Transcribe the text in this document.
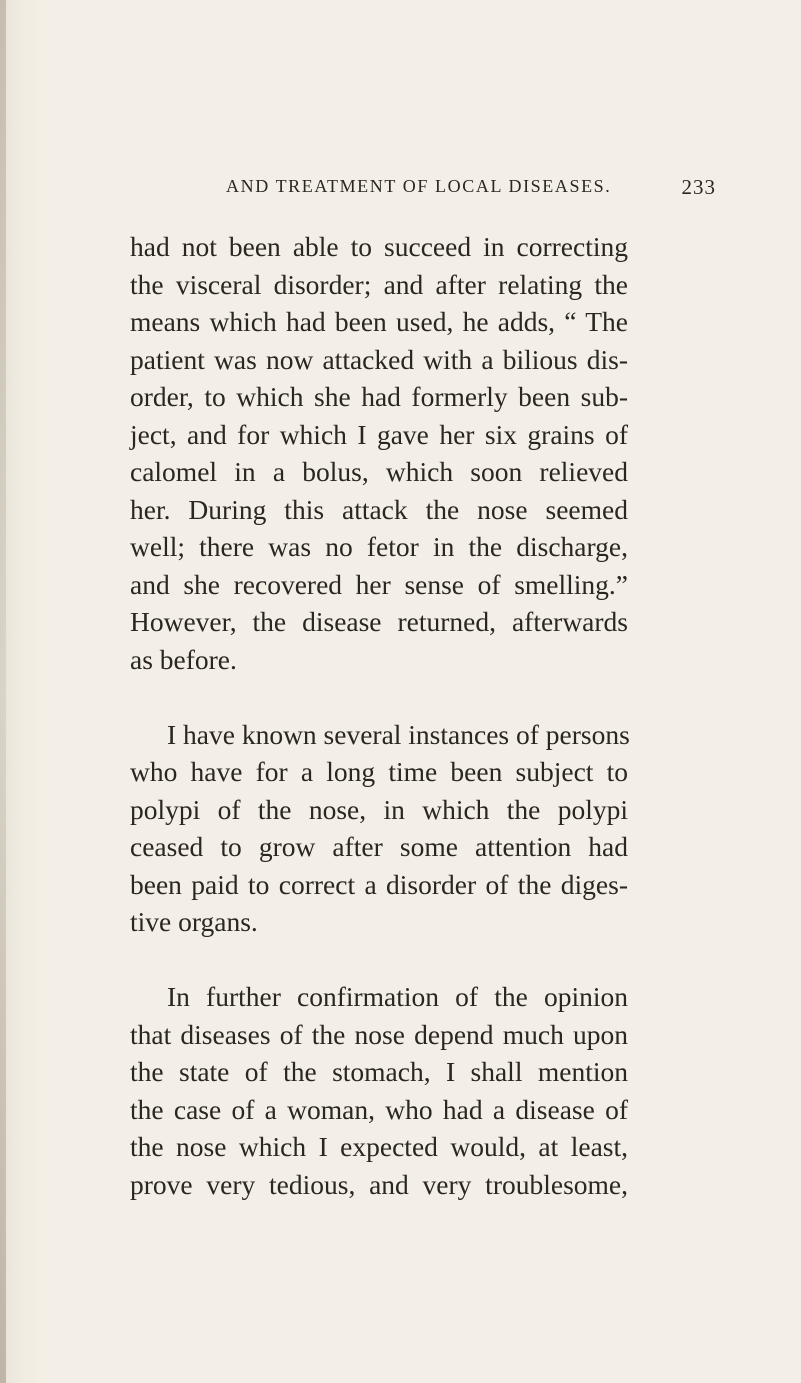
AND TREATMENT OF LOCAL DISEASES.	233

had not been able to succeed in correcting
the visceral disorder; and after relating the
means which had been used, he adds, “ The
patient was now attacked with a bilious dis-
order, to which she had formerly been sub-
ject, and for which I gave her six grains of
calomel in a bolus, which soon relieved
her. During this attack the nose seemed
well; there was no fetor in the discharge,
and she recovered her sense of smelling.”
However, the disease returned, afterwards
as before.

I have known several instances of persons
who have for a long time been subject to
polypi of the nose, in which the polypi
ceased to grow after some attention had
been paid to correct a disorder of the diges-
tive organs.

In further confirmation of the opinion
that diseases of the nose depend much upon
the state of the stomach, I shall mention
the case of a woman, who had a disease of
the nose which I expected would, at least,
prove very tedious, and very troublesome,
